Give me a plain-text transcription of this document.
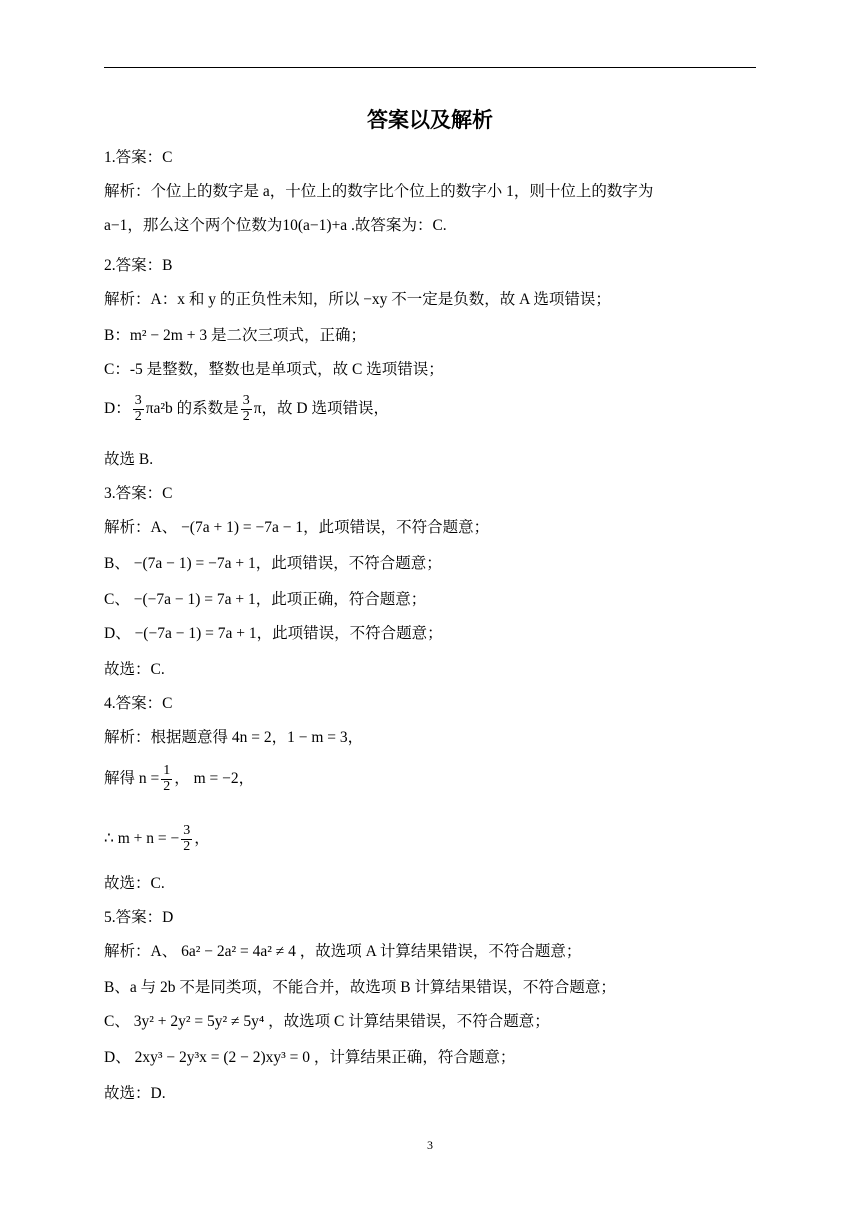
答案以及解析
1.答案：C
解析：个位上的数字是 a，十位上的数字比个位上的数字小 1，则十位上的数字为
a−1，那么这个两个位数为10(a−1)+a .故答案为：C.
2.答案：B
解析：A：x 和 y 的正负性未知，所以 −xy 不一定是负数，故 A 选项错误；
B：m² − 2m + 3 是二次三项式，正确；
C：-5 是整数，整数也是单项式，故 C 选项错误；
D： $\frac{3}{2} \pi a^2b$ 的系数是 $\frac{3}{2}$ π，故 D 选项错误，
故选 B.
3.答案：C
解析：A、 −(7a + 1) = −7a − 1，此项错误，不符合题意；
B、 −(7a − 1) = −7a + 1，此项错误，不符合题意；
C、 −(−7a − 1) = 7a + 1，此项正确，符合题意；
D、 −(−7a − 1) = 7a + 1，此项错误，不符合题意；
故选：C.
4.答案：C
解析：根据题意得 4n = 2，1 − m = 3，
解得 $n = \frac{1}{2}$ ， m = −2，
∴ m + n = − $\frac{3}{2}$ ，
故选：C.
5.答案：D
解析：A、 6a² − 2a² = 4a² ≠ 4 ，故选项 A 计算结果错误，不符合题意；
B、a 与 2b 不是同类项，不能合并，故选项 B 计算结果错误，不符合题意；
C、 3y² + 2y² = 5y² ≠ 5y⁴ ，故选项 C 计算结果错误，不符合题意；
D、 2xy³ − 2y³x = (2 − 2)xy³ = 0 ，计算结果正确，符合题意；
故选：D.
3
